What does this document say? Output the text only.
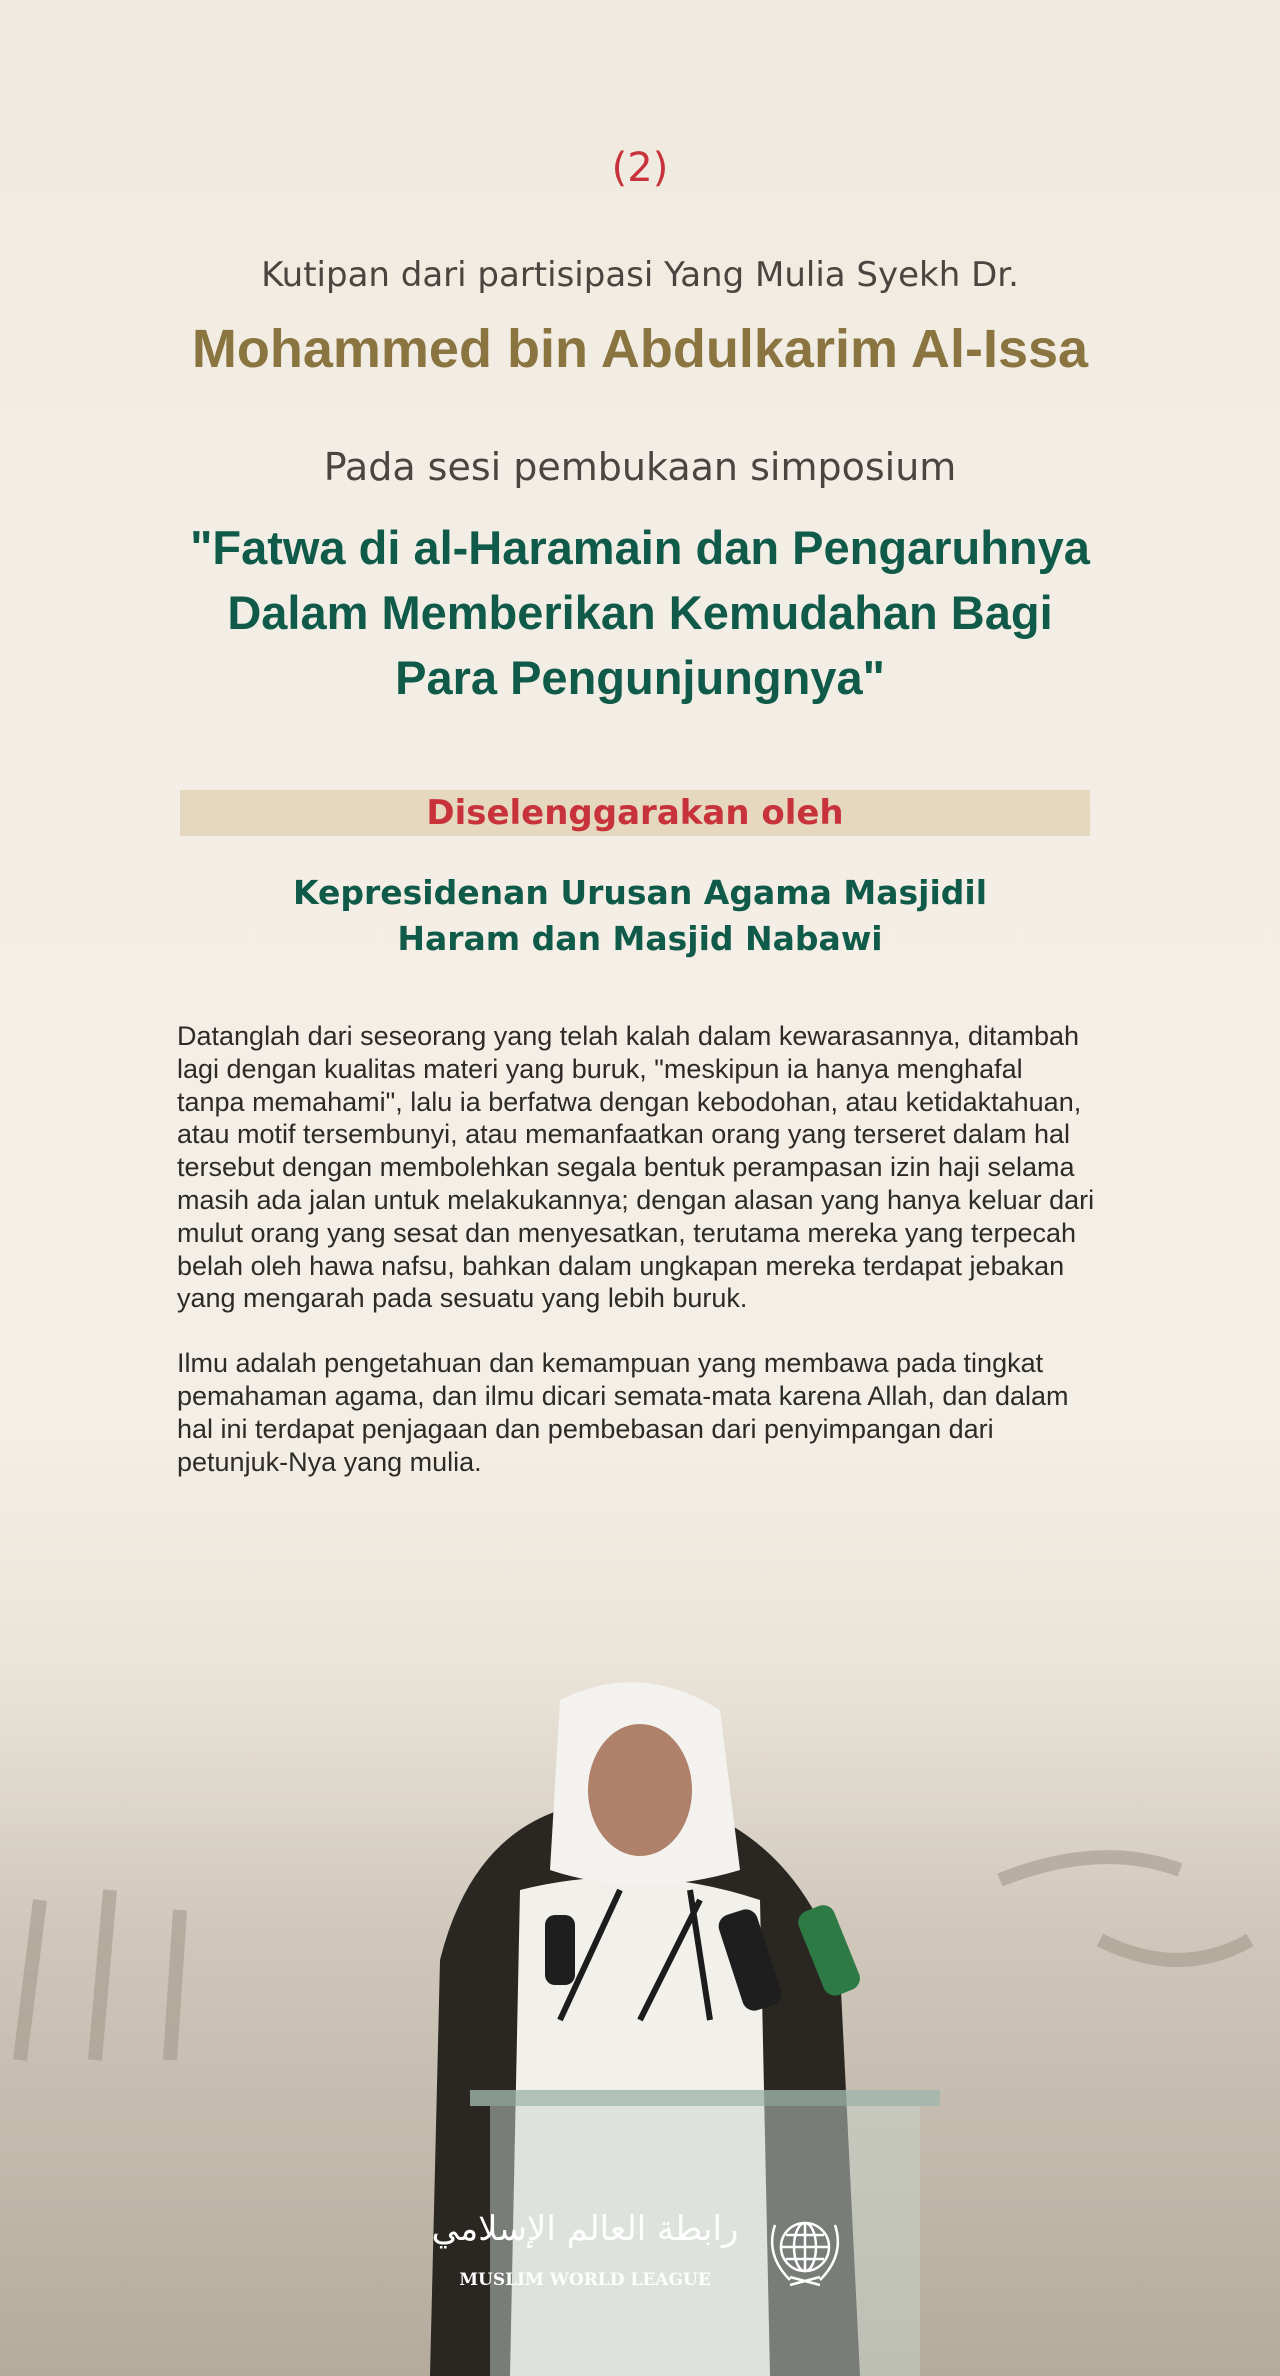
(2)
Kutipan dari partisipasi Yang Mulia Syekh Dr.
Mohammed bin Abdulkarim Al-Issa
Pada sesi pembukaan simposium
"Fatwa di al-Haramain dan Pengaruhnya
Dalam Memberikan Kemudahan Bagi
Para Pengunjungnya"
Diselenggarakan oleh
Kepresidenan Urusan Agama Masjidil
Haram dan Masjid Nabawi

Datanglah dari seseorang yang telah kalah dalam kewarasannya, ditambah lagi dengan kualitas materi yang buruk, "meskipun ia hanya menghafal tanpa memahami", lalu ia berfatwa dengan kebodohan, atau ketidaktahuan, atau motif tersembunyi, atau memanfaatkan orang yang terseret dalam hal tersebut dengan membolehkan segala bentuk perampasan izin haji selama masih ada jalan untuk melakukannya; dengan alasan yang hanya keluar dari mulut orang yang sesat dan menyesatkan, terutama mereka yang terpecah belah oleh hawa nafsu, bahkan dalam ungkapan mereka terdapat jebakan yang mengarah pada sesuatu yang lebih buruk.

Ilmu adalah pengetahuan dan kemampuan yang membawa pada tingkat pemahaman agama, dan ilmu dicari semata-mata karena Allah, dan dalam hal ini terdapat penjagaan dan pembebasan dari penyimpangan dari petunjuk-Nya yang mulia.

رابطة العالم الإسلامي
MUSLIM WORLD LEAGUE
